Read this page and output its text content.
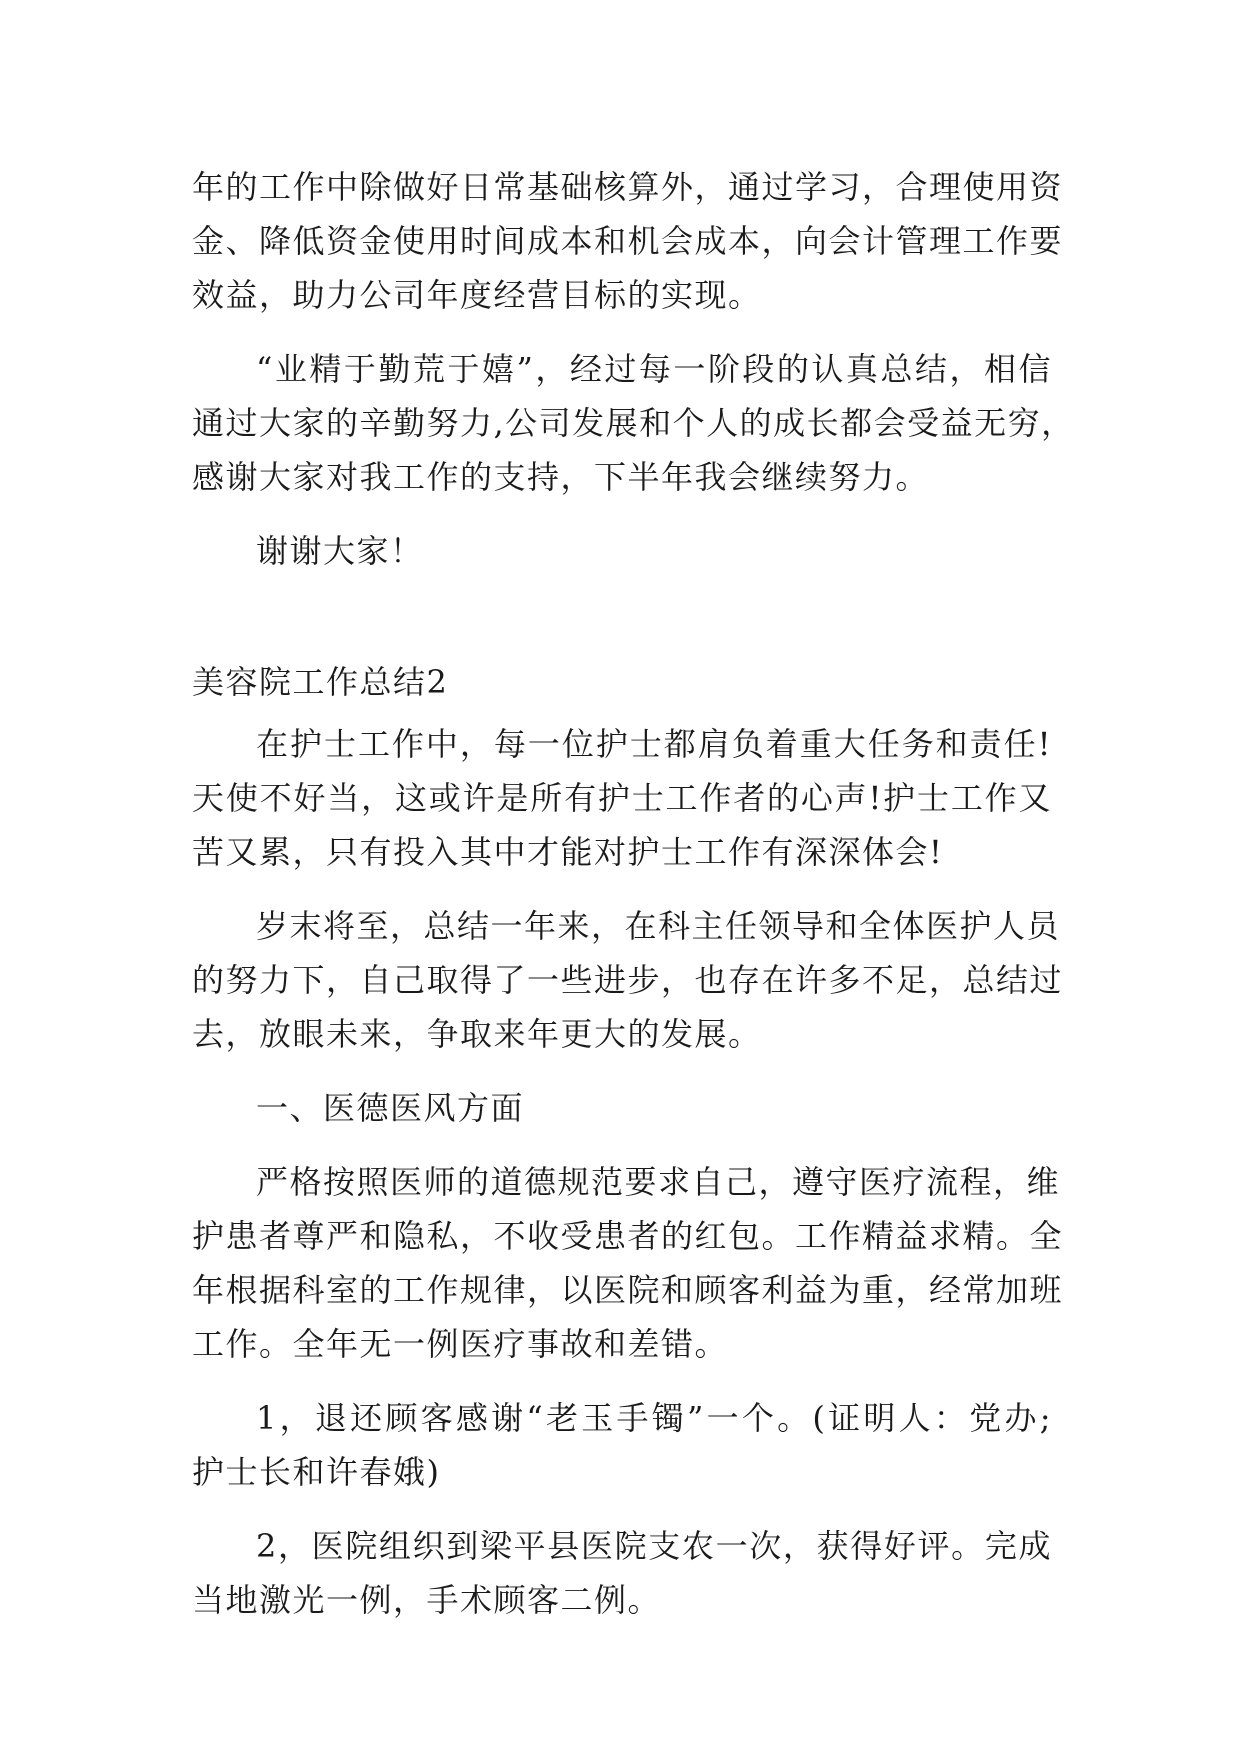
年的工作中除做好日常基础核算外，通过学习，合理使用资
金、降低资金使用时间成本和机会成本，向会计管理工作要
效益，助力公司年度经营目标的实现。
“业精于勤荒于嬉”，经过每一阶段的认真总结，相信
通过大家的辛勤努力,公司发展和个人的成长都会受益无穷，
感谢大家对我工作的支持，下半年我会继续努力。
谢谢大家！
美容院工作总结2
在护士工作中，每一位护士都肩负着重大任务和责任!
天使不好当，这或许是所有护士工作者的心声!护士工作又
苦又累，只有投入其中才能对护士工作有深深体会!
岁末将至，总结一年来，在科主任领导和全体医护人员
的努力下，自己取得了一些进步，也存在许多不足，总结过
去，放眼未来，争取来年更大的发展。
一、医德医风方面
严格按照医师的道德规范要求自己，遵守医疗流程，维
护患者尊严和隐私，不收受患者的红包。工作精益求精。全
年根据科室的工作规律，以医院和顾客利益为重，经常加班
工作。全年无一例医疗事故和差错。
1，退还顾客感谢“老玉手镯”一个。(证明人：党办;
护士长和许春娥)
2，医院组织到梁平县医院支农一次，获得好评。完成
当地激光一例，手术顾客二例。
